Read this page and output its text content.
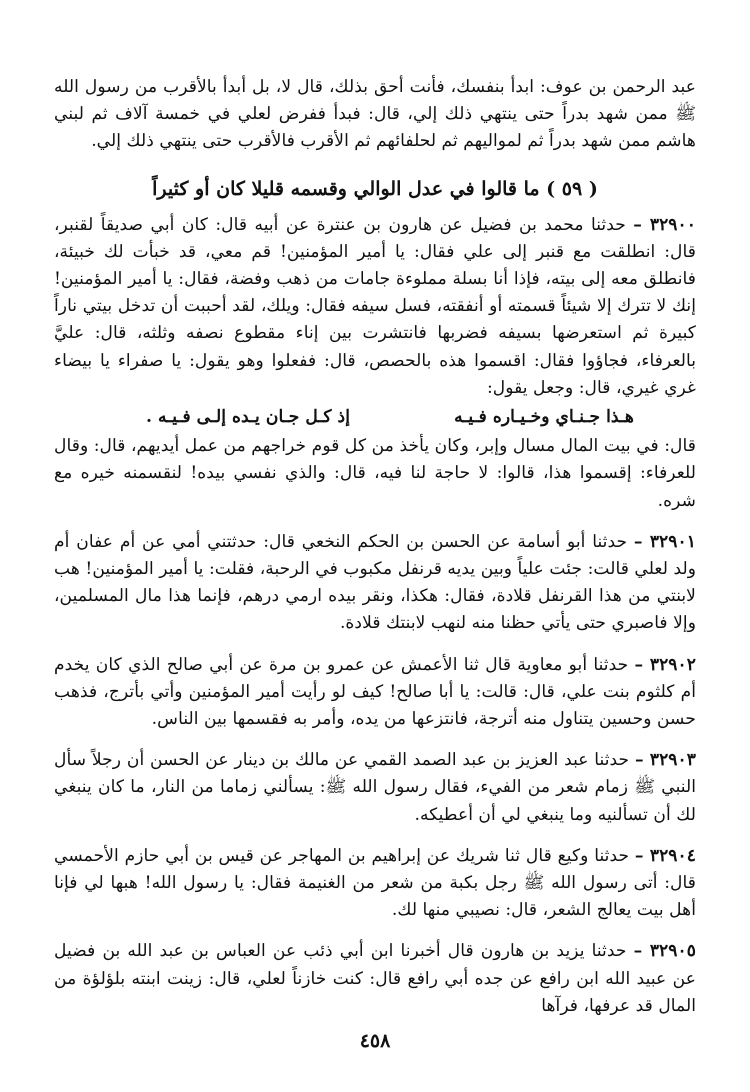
عبد الرحمن بن عوف: ابدأ بنفسك، فأنت أحق بذلك، قال لا، بل أبدأ بالأقرب من رسول الله ﷺ ممن شهد بدراً حتى ينتهي ذلك إلي، قال: فبدأ ففرض لعلي في خمسة آلاف ثم لبني هاشم ممن شهد بدراً ثم لمواليهم ثم لحلفائهم ثم الأقرب فالأقرب حتى ينتهي ذلك إلي.

( ٥٩ ) ما قالوا في عدل الوالي وقسمه قليلا كان أو كثيراً

٣٢٩٠٠ – حدثنا محمد بن فضيل عن هارون بن عنترة عن أبيه قال: كان أبي صديقاً لقنبر، قال: انطلقت مع قنبر إلى علي فقال: يا أمير المؤمنين! قم معي، قد خبأت لك خبيئة، فانطلق معه إلى بيته، فإذا أنا بسلة مملوءة جامات من ذهب وفضة، فقال: يا أمير المؤمنين! إنك لا تترك إلا شيئاً قسمته أو أنفقته، فسل سيفه فقال: ويلك، لقد أحببت أن تدخل بيتي ناراً كبيرة ثم استعرضها بسيفه فضربها فانتشرت بين إناء مقطوع نصفه وثلثه، قال: عليَّ بالعرفاء، فجاؤوا فقال: اقسموا هذه بالحصص، قال: ففعلوا وهو يقول: يا صفراء يا بيضاء غري غيري، قال: وجعل يقول:

هـذا جـنـاي وخـيـاره فـيـه
إذ كـل جـان يـده إلـى فـيـه .

قال: في بيت المال مسال وإبر، وكان يأخذ من كل قوم خراجهم من عمل أيديهم، قال: وقال للعرفاء: إقسموا هذا، قالوا: لا حاجة لنا فيه، قال: والذي نفسي بيده! لنقسمنه خيره مع شره.

٣٢٩٠١ – حدثنا أبو أسامة عن الحسن بن الحكم النخعي قال: حدثتني أمي عن أم عفان أم ولد لعلي قالت: جئت علياً وبين يديه قرنفل مكبوب في الرحبة، فقلت: يا أمير المؤمنين! هب لابنتي من هذا القرنفل قلادة، فقال: هكذا، ونقر بيده ارمي درهم، فإنما هذا مال المسلمين، وإلا فاصبري حتى يأتي حظنا منه لنهب لابنتك قلادة.

٣٢٩٠٢ – حدثنا أبو معاوية قال ثنا الأعمش عن عمرو بن مرة عن أبي صالح الذي كان يخدم أم كلثوم بنت علي، قال: قالت: يا أبا صالح! كيف لو رأيت أمير المؤمنين وأتي بأترج، فذهب حسن وحسين يتناول منه أترجة، فانتزعها من يده، وأمر به فقسمها بين الناس.

٣٢٩٠٣ – حدثنا عبد العزيز بن عبد الصمد القمي عن مالك بن دينار عن الحسن أن رجلاً سأل النبي ﷺ زمام شعر من الفيء، فقال رسول الله ﷺ: يسألني زماما من النار، ما كان ينبغي لك أن تسألنيه وما ينبغي لي أن أعطيكه.

٣٢٩٠٤ – حدثنا وكيع قال ثنا شريك عن إبراهيم بن المهاجر عن قيس بن أبي حازم الأحمسي قال: أتى رسول الله ﷺ رجل بكبة من شعر من الغنيمة فقال: يا رسول الله! هبها لي فإنا أهل بيت يعالج الشعر، قال: نصيبي منها لك.

٣٢٩٠٥ – حدثنا يزيد بن هارون قال أخبرنا ابن أبي ذئب عن العباس بن عبد الله بن فضيل عن عبيد الله ابن رافع عن جده أبي رافع قال: كنت خازناً لعلي، قال: زينت ابنته بلؤلؤة من المال قد عرفها، فرآها

٤٥٨
